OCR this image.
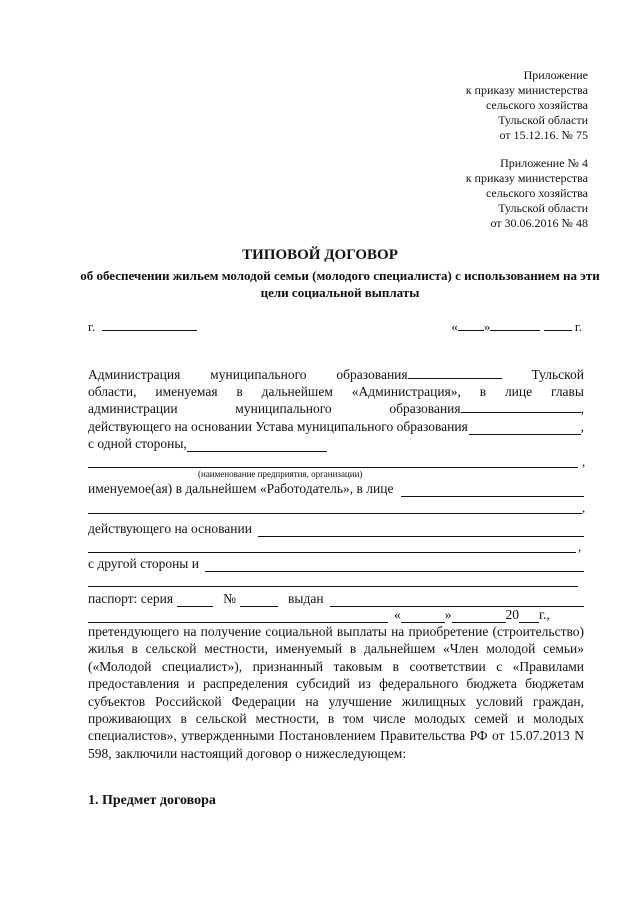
Приложение
к приказу министерства
сельского хозяйства
Тульской области
от 15.12.16. № 75
Приложение № 4
к приказу министерства
сельского хозяйства
Тульской области
от 30.06.2016 № 48
ТИПОВОЙ ДОГОВОР
об обеспечении жильем молодой семьи (молодого специалиста) с использованием на эти цели социальной выплаты
г.	« »	г.
Администрация муниципального образования	Тульской
области, именуемая в дальнейшем «Администрация», в лице главы
администрации	муниципального	образования	,
действующего на основании Устава муниципального образования	,
с одной стороны,
,
(наименование предприятия, организации)
именуемое(ая) в дальнейшем «Работодатель», в лице
,
действующего на основании
,
с другой стороны и
паспорт: серия	№	выдан
«	»	20 г.,
претендующего на получение социальной выплаты на приобретение (строительство) жилья в сельской местности, именуемый в дальнейшем «Член молодой семьи» («Молодой специалист»), признанный таковым в соответствии с «Правилами предоставления и распределения субсидий из федерального бюджета бюджетам субъектов Российской Федерации на улучшение жилищных условий граждан, проживающих в сельской местности, в том числе молодых семей и молодых специалистов», утвержденными Постановлением Правительства РФ от 15.07.2013 N 598, заключили настоящий договор о нижеследующем:
1. Предмет договора
